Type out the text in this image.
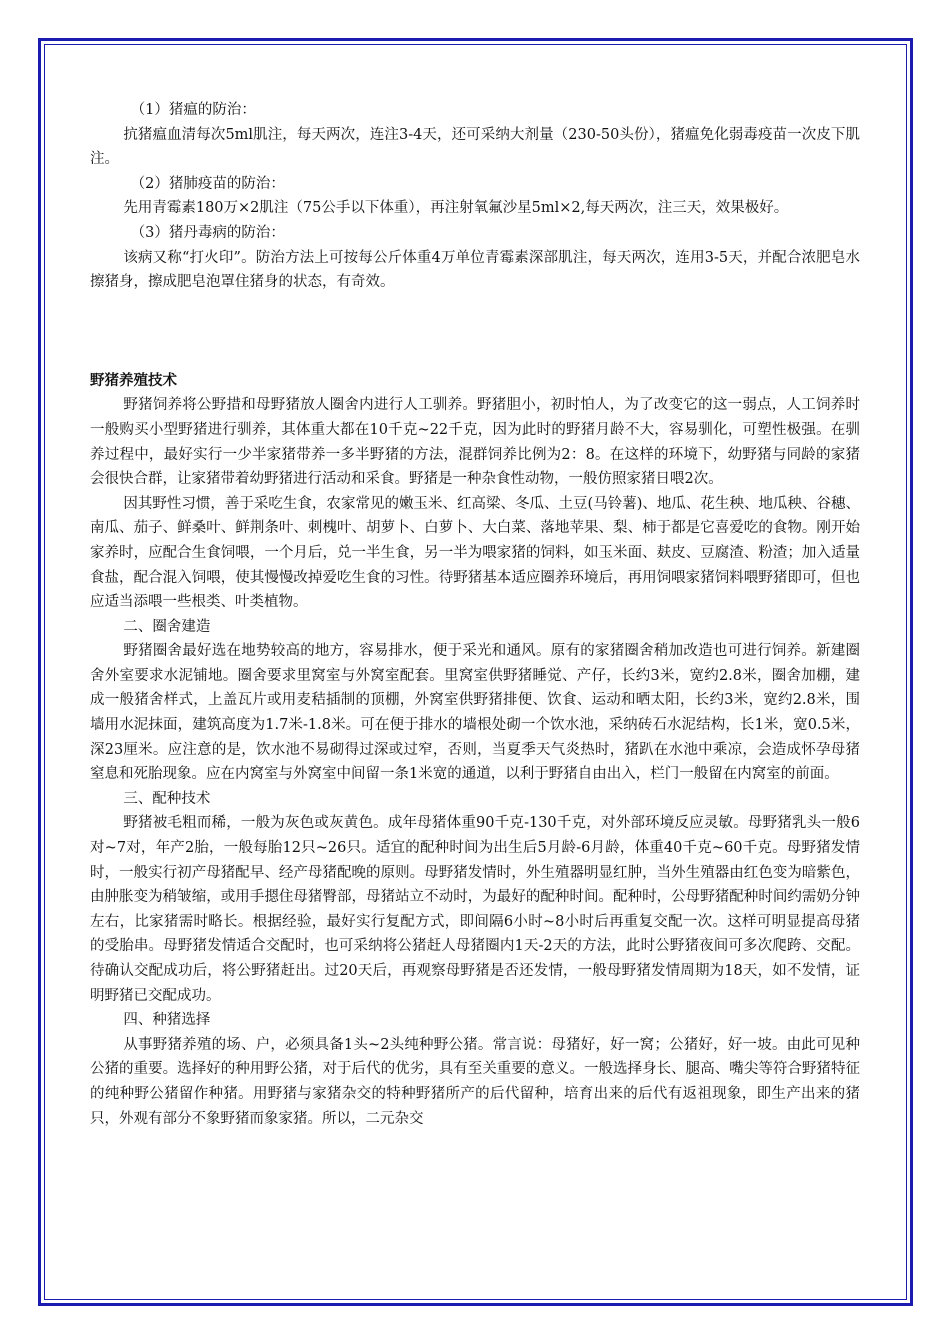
（1）猪瘟的防治：

抗猪瘟血清每次5ml肌注，每天两次，连注3-4天，还可采纳大剂量（230-50头份），猪瘟免化弱毒疫苗一次皮下肌注。

（2）猪肺疫苗的防治：

先用青霉素180万×2肌注（75公手以下体重），再注射氧氟沙星5ml×2,每天两次，注三天，效果极好。

（3）猪丹毒病的防治：

该病又称“打火印”。防治方法上可按每公斤体重4万单位青霉素深部肌注，每天两次，连用3-5天，并配合浓肥皂水擦猪身，擦成肥皂泡罩住猪身的状态，有奇效。

野猪养殖技术

野猪饲养将公野措和母野猪放人圈舍内进行人工驯养。野猪胆小，初时怕人，为了改变它的这一弱点，人工饲养时一般购买小型野猪进行驯养，其体重大都在10千克~22千克，因为此时的野猪月龄不大，容易驯化，可塑性极强。在驯养过程中，最好实行一少半家猪带养一多半野猪的方法，混群饲养比例为2：8。在这样的环境下，幼野猪与同龄的家猪会很快合群，让家猪带着幼野猪进行活动和采食。野猪是一种杂食性动物，一般仿照家猪日喂2次。

因其野性习惯，善于采吃生食，农家常见的嫩玉米、红高梁、冬瓜、土豆(马铃薯)、地瓜、花生秧、地瓜秧、谷穗、南瓜、茄子、鲜桑叶、鲜荆条叶、刺槐叶、胡萝卜、白萝卜、大白菜、落地苹果、梨、柿于都是它喜爱吃的食物。刚开始家养时，应配合生食饲喂，一个月后，兑一半生食，另一半为喂家猪的饲料，如玉米面、麸皮、豆腐渣、粉渣；加入适量食盐，配合混入饲喂，使其慢慢改掉爱吃生食的习性。待野猪基本适应圈养环境后，再用饲喂家猪饲料喂野猪即可，但也应适当添喂一些根类、叶类植物。

二、圈舍建造

野猪圈舍最好选在地势较高的地方，容易排水，便于采光和通风。原有的家猪圈舍稍加改造也可进行饲养。新建圈舍外室要求水泥铺地。圈舍要求里窝室与外窝室配套。里窝室供野猪睡觉、产仔，长约3米，宽约2.8米，圈舍加棚，建成一般猪舍样式，上盖瓦片或用麦秸插制的顶棚，外窝室供野猪排便、饮食、运动和晒太阳，长约3米，宽约2.8米，围墙用水泥抹面，建筑高度为1.7米-1.8米。可在便于排水的墙根处砌一个饮水池，采纳砖石水泥结构，长1米，宽0.5米，深23厘米。应注意的是，饮水池不易砌得过深或过窄，否则，当夏季天气炎热时，猪趴在水池中乘凉，会造成怀孕母猪窒息和死胎现象。应在内窝室与外窝室中间留一条1米宽的通道，以利于野猪自由出入，栏门一般留在内窝室的前面。

三、配种技术

野猪被毛粗而稀，一般为灰色或灰黄色。成年母猪体重90千克-130千克，对外部环境反应灵敏。母野猪乳头一般6对~7对，年产2胎，一般每胎12只~26只。适宜的配种时间为出生后5月龄-6月龄，体重40千克~60千克。母野猪发情时，一般实行初产母猪配早、经产母猪配晚的原则。母野猪发情时，外生殖器明显红肿，当外生殖器由红色变为暗紫色，由肿胀变为稍皱缩，或用手摁住母猪臀部，母猪站立不动时，为最好的配种时间。配种时，公母野猪配种时间约需奶分钟左右，比家猪需时略长。根据经验，最好实行复配方式，即间隔6小时~8小时后再重复交配一次。这样可明显提高母猪的受胎串。母野猪发情适合交配时，也可采纳将公猪赶人母猪圈内1天-2天的方法，此时公野猪夜间可多次爬跨、交配。待确认交配成功后，将公野猪赶出。过20天后，再观察母野猪是否还发情，一般母野猪发情周期为18天，如不发情，证明野猪已交配成功。

四、种猪选择

从事野猪养殖的场、户，必须具备1头~2头纯种野公猪。常言说：母猪好，好一窝；公猪好，好一坡。由此可见种公猪的重要。选择好的种用野公猪，对于后代的优劣，具有至关重要的意义。一般选择身长、腿高、嘴尖等符合野猪特征的纯种野公猪留作种猪。用野猪与家猪杂交的特种野猪所产的后代留种，培育出来的后代有返祖现象，即生产出来的猪只，外观有部分不象野猪而象家猪。所以，二元杂交
